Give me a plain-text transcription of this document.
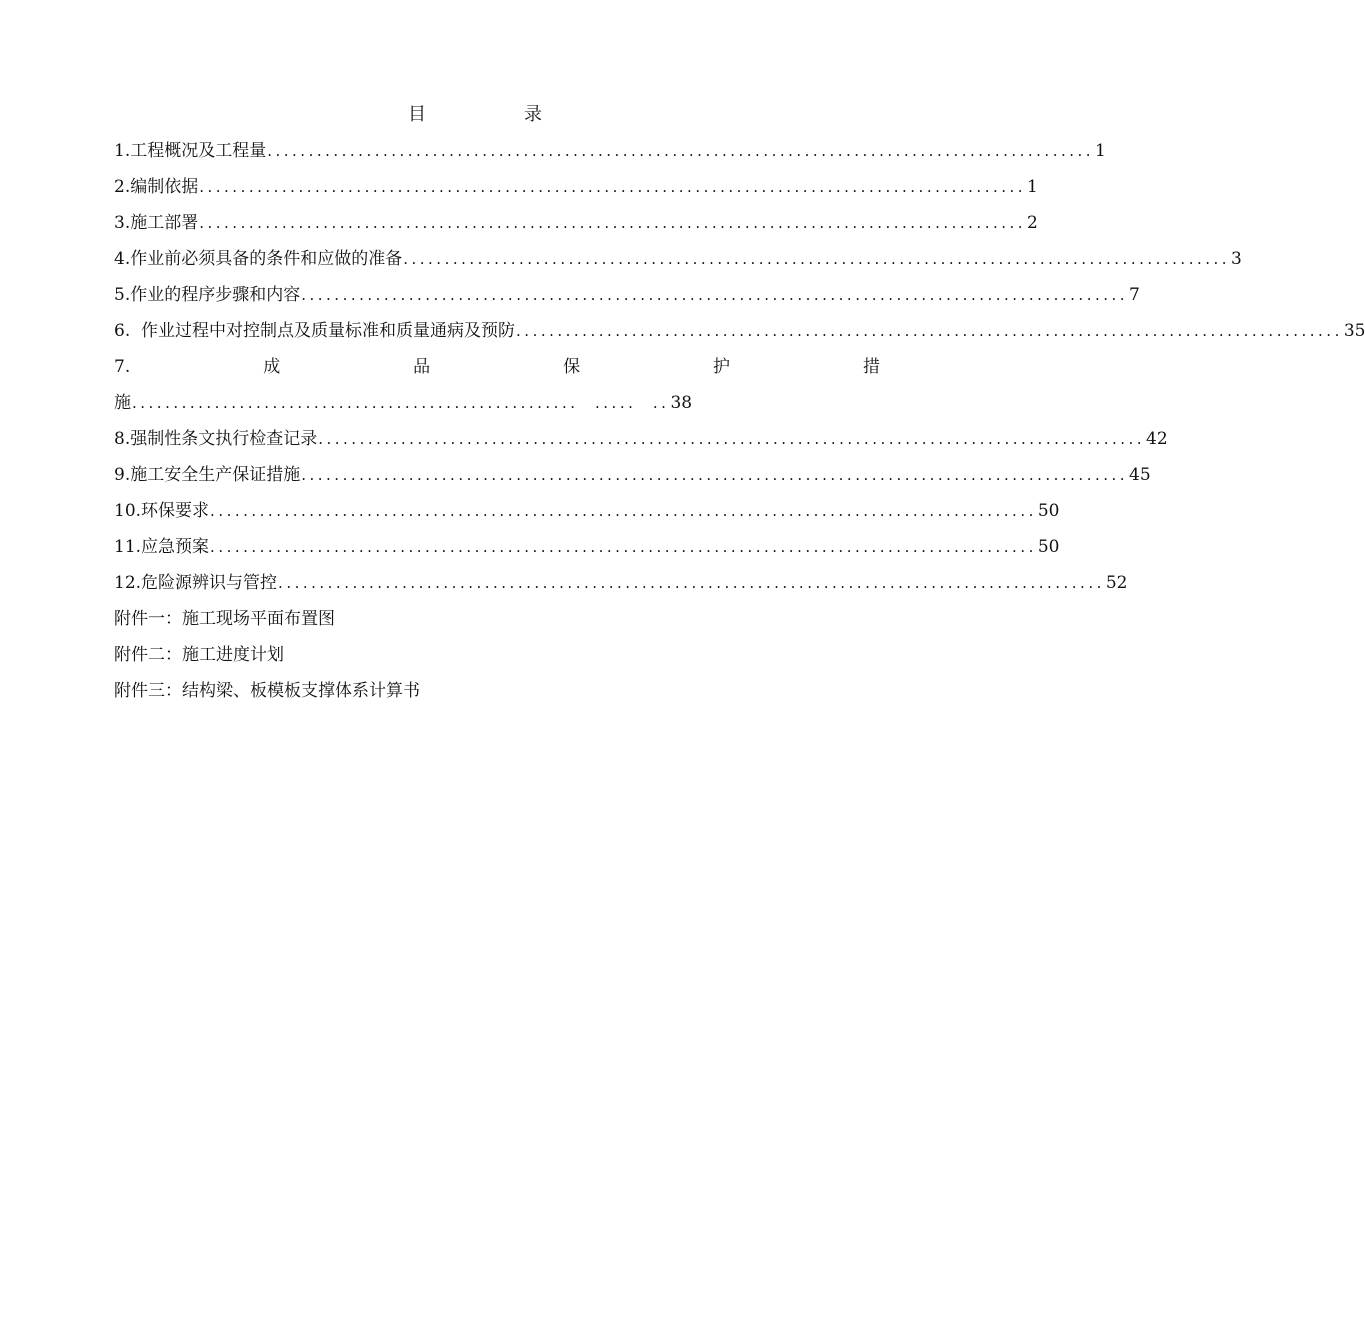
目　录
1.工程概况及工程量 .................................................................................................... 1
2.编制依据 .................................................................................................... 1
3.施工部署 .................................................................................................... 2
4.作业前必须具备的条件和应做的准备 .................................................................................................... 3
5.作业的程序步骤和内容 .................................................................................................... 7
6.  作业过程中对控制点及质量标准和质量通病及预防 .................................................................................................... 35
7.	成	品	保	护	措
施 ......................................................  .....  .. 38
8.强制性条文执行检查记录 .................................................................................................... 42
9.施工安全生产保证措施 .................................................................................................... 45
10.环保要求 .................................................................................................... 50
11.应急预案 .................................................................................................... 50
12.危险源辨识与管控 .................................................................................................... 52
附件一：施工现场平面布置图
附件二：施工进度计划
附件三：结构梁、板模板支撑体系计算书
